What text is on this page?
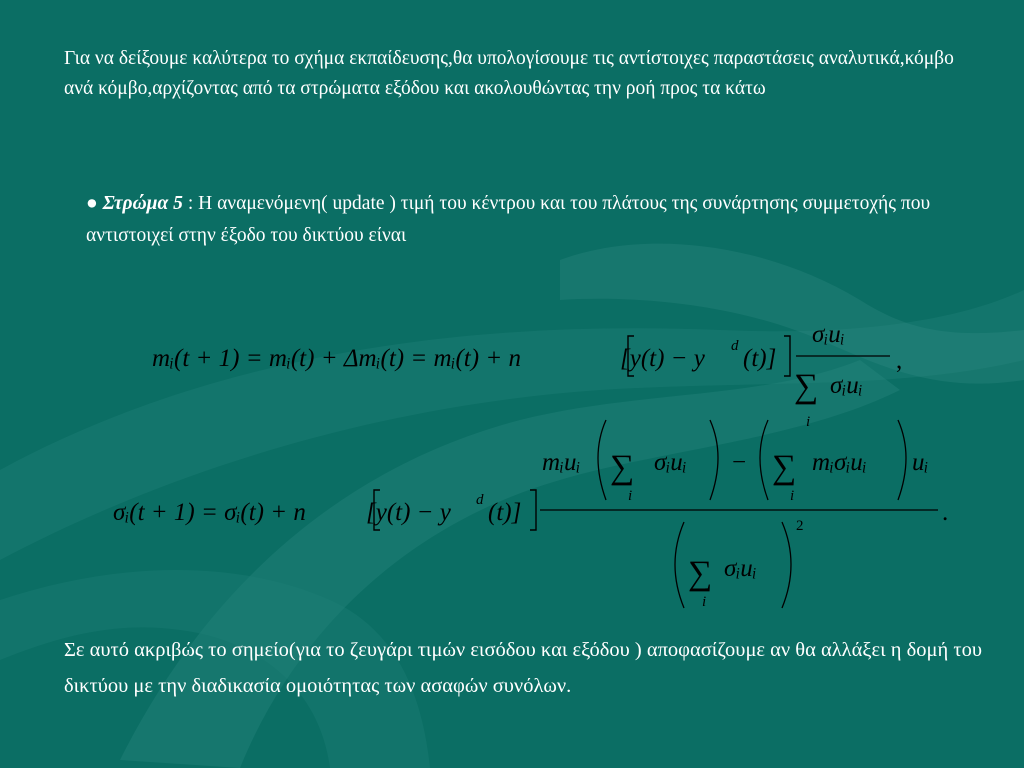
Για να δείξουμε καλύτερα το σχήμα εκπαίδευσης,θα υπολογίσουμε τις αντίστοιχες παραστάσεις αναλυτικά,κόμβο ανά κόμβο,αρχίζοντας από τα στρώματα εξόδου και ακολουθώντας την ροή προς τα κάτω

● Στρώμα 5 : Η αναμενόμενη( update ) τιμή του κέντρου και του πλάτους της συνάρτησης συμμετοχής που αντιστοιχεί στην έξοδο του δικτύου είναι
mᵢ(t + 1) = mᵢ(t) + Δmᵢ(t) = mᵢ(t) + n	[y(t) − y d (t)]
σᵢuᵢ
∑
i
σᵢuᵢ
,
σᵢ(t + 1) = σᵢ(t) + n [y(t) − y d (t)]
mᵢuᵢ ∑
i
σᵢuᵢ − ∑
i
mᵢσᵢuᵢ uᵢ
.
∑
i
σᵢuᵢ
2

Σε αυτό ακριβώς το σημείο(για το ζευγάρι τιμών εισόδου και εξόδου ) αποφασίζουμε αν θα αλλάξει η δομή του δικτύου με την διαδικασία ομοιότητας των ασαφών συνόλων.
